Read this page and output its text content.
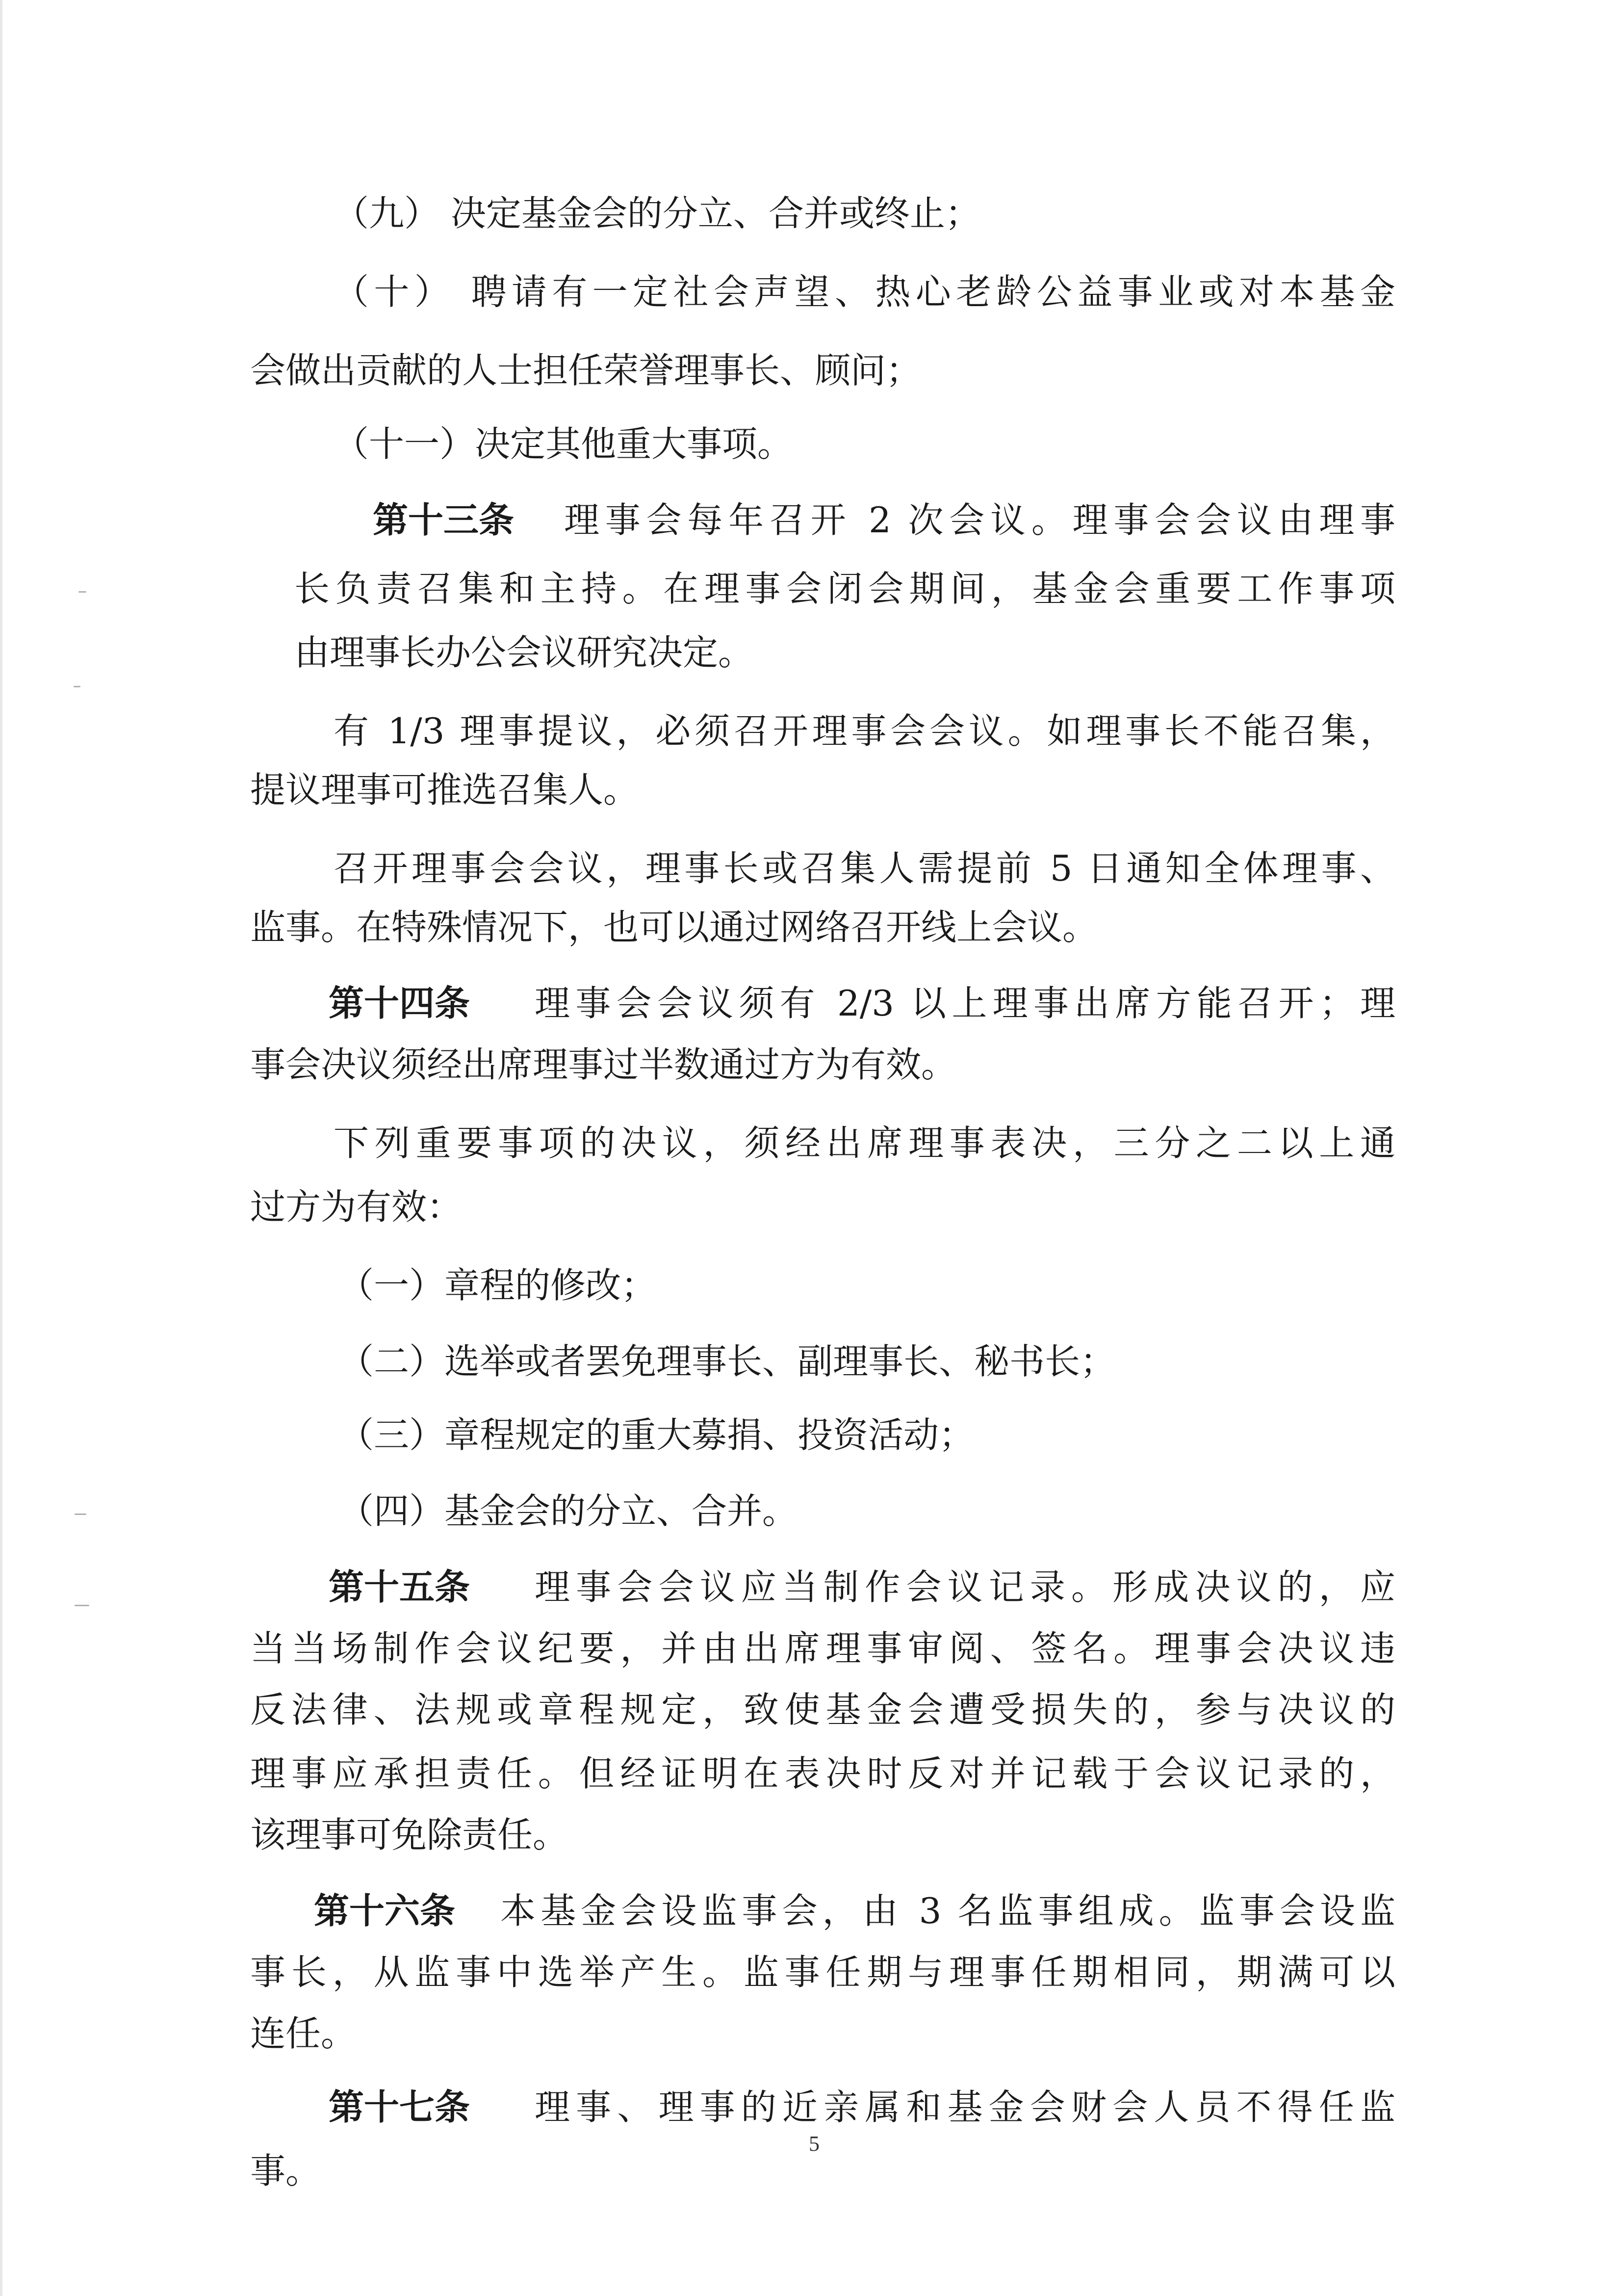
（九） 决定基金会的分立、合并或终止；
（十） 聘请有一定社会声望、热心老龄公益事业或对本基金
会做出贡献的人士担任荣誉理事长、顾问；
（十一）决定其他重大事项。
第十三条 理事会每年召开 2 次会议。理事会会议由理事
长负责召集和主持。在理事会闭会期间，基金会重要工作事项
由理事长办公会议研究决定。
有 1/3 理事提议，必须召开理事会会议。如理事长不能召集，
提议理事可推选召集人。
召开理事会会议，理事长或召集人需提前 5 日通知全体理事、
监事。在特殊情况下，也可以通过网络召开线上会议。
第十四条 理事会会议须有 2/3 以上理事出席方能召开；理
事会决议须经出席理事过半数通过方为有效。
下列重要事项的决议，须经出席理事表决，三分之二以上通
过方为有效：
（一）章程的修改；
（二）选举或者罢免理事长、副理事长、秘书长；
（三）章程规定的重大募捐、投资活动；
（四）基金会的分立、合并。
第十五条 理事会会议应当制作会议记录。形成决议的，应
当当场制作会议纪要，并由出席理事审阅、签名。理事会决议违
反法律、法规或章程规定，致使基金会遭受损失的，参与决议的
理事应承担责任。但经证明在表决时反对并记载于会议记录的，
该理事可免除责任。
第十六条 本基金会设监事会，由 3 名监事组成。监事会设监
事长，从监事中选举产生。监事任期与理事任期相同，期满可以
连任。
第十七条 理事、理事的近亲属和基金会财会人员不得任监
事。
5
